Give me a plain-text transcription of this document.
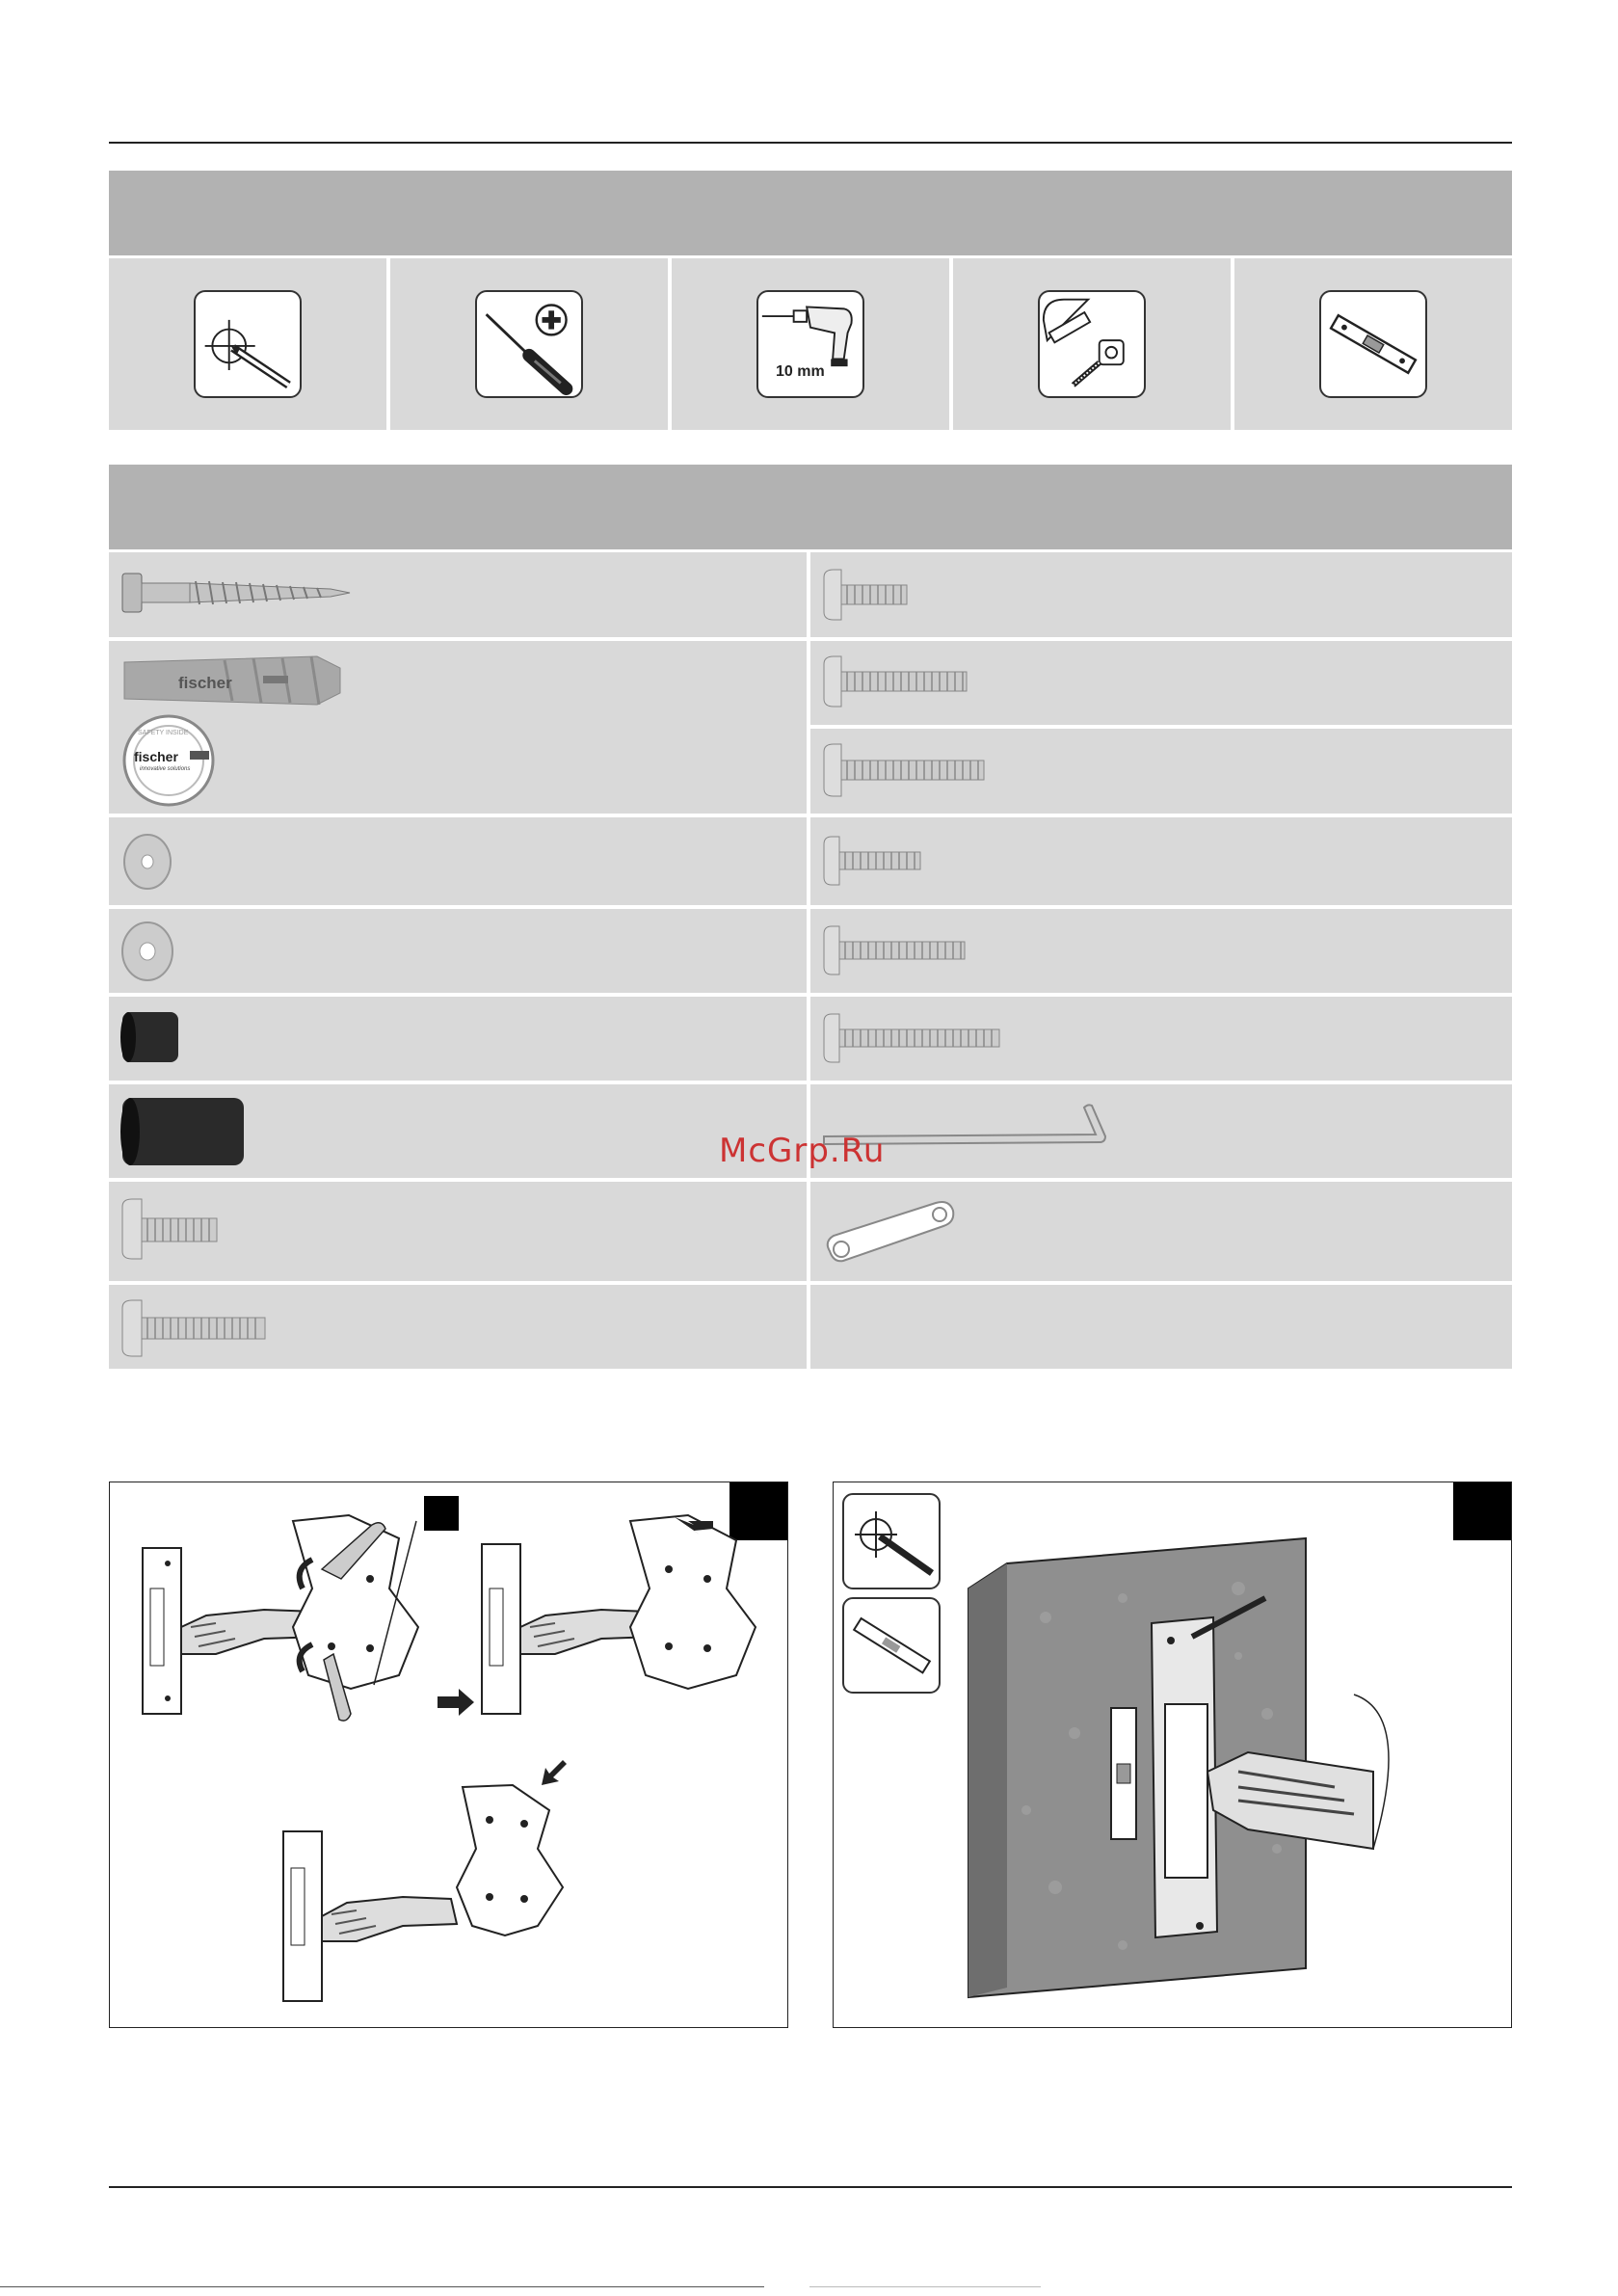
10 mm
fischer
fischer
SAFETY INSIDE
innovative solutions
McGrp.Ru
